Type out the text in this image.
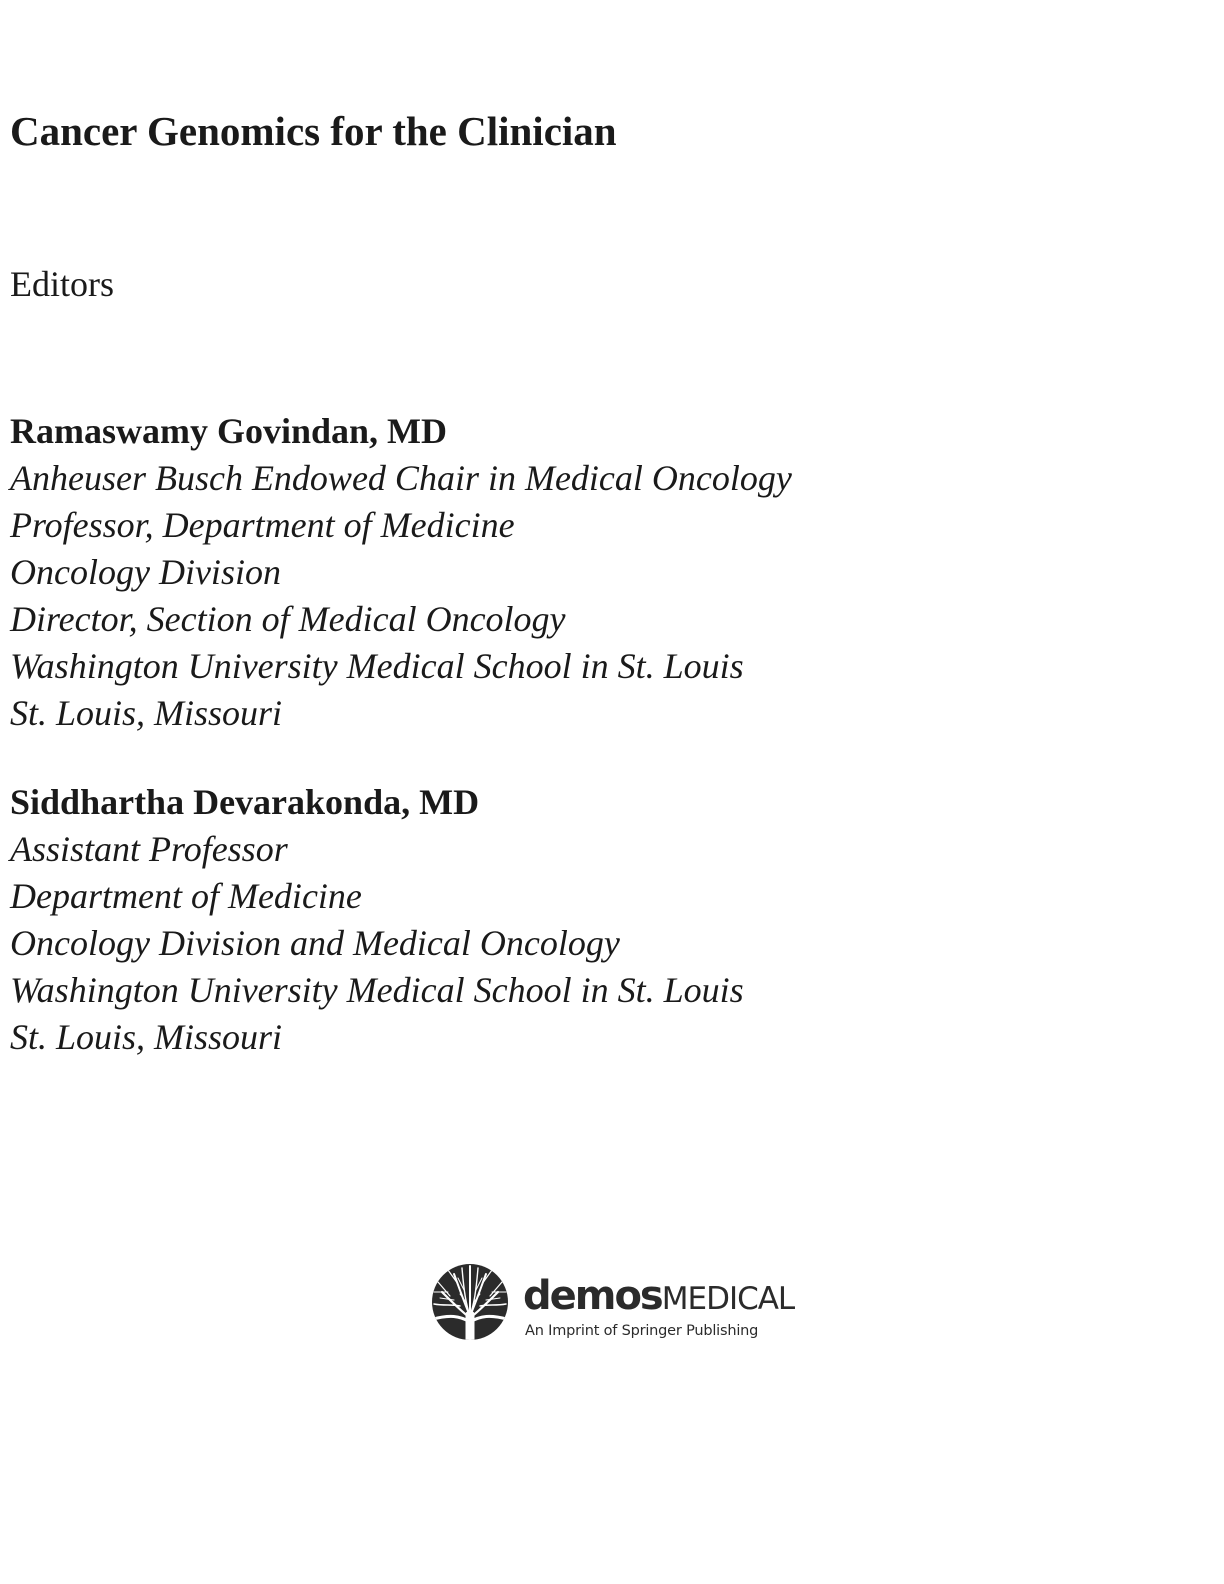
Cancer Genomics for the Clinician
Editors
Ramaswamy Govindan, MD
Anheuser Busch Endowed Chair in Medical Oncology
Professor, Department of Medicine
Oncology Division
Director, Section of Medical Oncology
Washington University Medical School in St. Louis
St. Louis, Missouri
Siddhartha Devarakonda, MD
Assistant Professor
Department of Medicine
Oncology Division and Medical Oncology
Washington University Medical School in St. Louis
St. Louis, Missouri
demosMEDICAL
An Imprint of Springer Publishing
